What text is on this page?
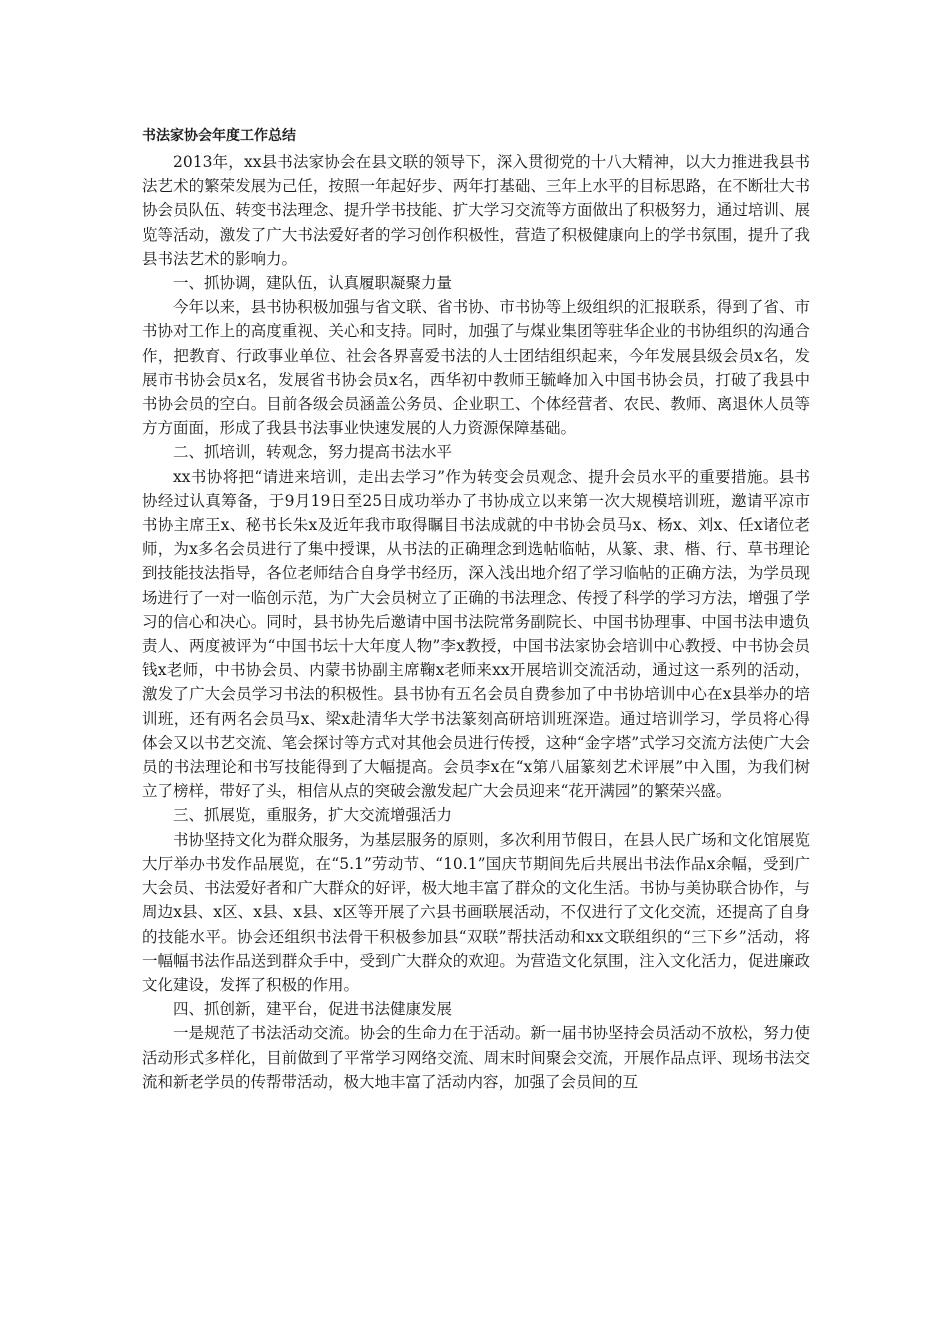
书法家协会年度工作总结

2013年，xx县书法家协会在县文联的领导下，深入贯彻党的十八大精神，以大力推进我县书法艺术的繁荣发展为己任，按照一年起好步、两年打基础、三年上水平的目标思路，在不断壮大书协会员队伍、转变书法理念、提升学书技能、扩大学习交流等方面做出了积极努力，通过培训、展览等活动，激发了广大书法爱好者的学习创作积极性，营造了积极健康向上的学书氛围，提升了我县书法艺术的影响力。

一、抓协调，建队伍，认真履职凝聚力量

今年以来，县书协积极加强与省文联、省书协、市书协等上级组织的汇报联系，得到了省、市书协对工作上的高度重视、关心和支持。同时，加强了与煤业集团等驻华企业的书协组织的沟通合作，把教育、行政事业单位、社会各界喜爱书法的人士团结组织起来，今年发展县级会员x名，发展市书协会员x名，发展省书协会员x名，西华初中教师王毓峰加入中国书协会员，打破了我县中书协会员的空白。目前各级会员涵盖公务员、企业职工、个体经营者、农民、教师、离退休人员等方方面面，形成了我县书法事业快速发展的人力资源保障基础。

二、抓培训，转观念，努力提高书法水平

xx书协将把“请进来培训，走出去学习”作为转变会员观念、提升会员水平的重要措施。县书协经过认真筹备，于9月19日至25日成功举办了书协成立以来第一次大规模培训班，邀请平凉市书协主席王x、秘书长朱x及近年我市取得瞩目书法成就的中书协会员马x、杨x、刘x、任x诸位老师，为x多名会员进行了集中授课，从书法的正确理念到选帖临帖，从篆、隶、楷、行、草书理论到技能技法指导，各位老师结合自身学书经历，深入浅出地介绍了学习临帖的正确方法，为学员现场进行了一对一临创示范，为广大会员树立了正确的书法理念、传授了科学的学习方法，增强了学习的信心和决心。同时，县书协先后邀请中国书法院常务副院长、中国书协理事、中国书法申遗负责人、两度被评为“中国书坛十大年度人物”李x教授，中国书法家协会培训中心教授、中书协会员钱x老师，中书协会员、内蒙书协副主席鞠x老师来xx开展培训交流活动，通过这一系列的活动，激发了广大会员学习书法的积极性。县书协有五名会员自费参加了中书协培训中心在x县举办的培训班，还有两名会员马x、梁x赴清华大学书法篆刻高研培训班深造。通过培训学习，学员将心得体会又以书艺交流、笔会探讨等方式对其他会员进行传授，这种“金字塔”式学习交流方法使广大会员的书法理论和书写技能得到了大幅提高。会员李x在“x第八届篆刻艺术评展”中入围，为我们树立了榜样，带好了头，相信从点的突破会激发起广大会员迎来“花开满园”的繁荣兴盛。

三、抓展览，重服务，扩大交流增强活力

书协坚持文化为群众服务，为基层服务的原则，多次利用节假日，在县人民广场和文化馆展览大厅举办书发作品展览，在“5.1”劳动节、“10.1”国庆节期间先后共展出书法作品x余幅，受到广大会员、书法爱好者和广大群众的好评，极大地丰富了群众的文化生活。书协与美协联合协作，与周边x县、x区、x县、x县、x区等开展了六县书画联展活动，不仅进行了文化交流，还提高了自身的技能水平。协会还组织书法骨干积极参加县“双联”帮扶活动和xx文联组织的“三下乡”活动，将一幅幅书法作品送到群众手中，受到广大群众的欢迎。为营造文化氛围，注入文化活力，促进廉政文化建设，发挥了积极的作用。

四、抓创新，建平台，促进书法健康发展

一是规范了书法活动交流。协会的生命力在于活动。新一届书协坚持会员活动不放松，努力使活动形式多样化，目前做到了平常学习网络交流、周末时间聚会交流，开展作品点评、现场书法交流和新老学员的传帮带活动，极大地丰富了活动内容，加强了会员间的互
